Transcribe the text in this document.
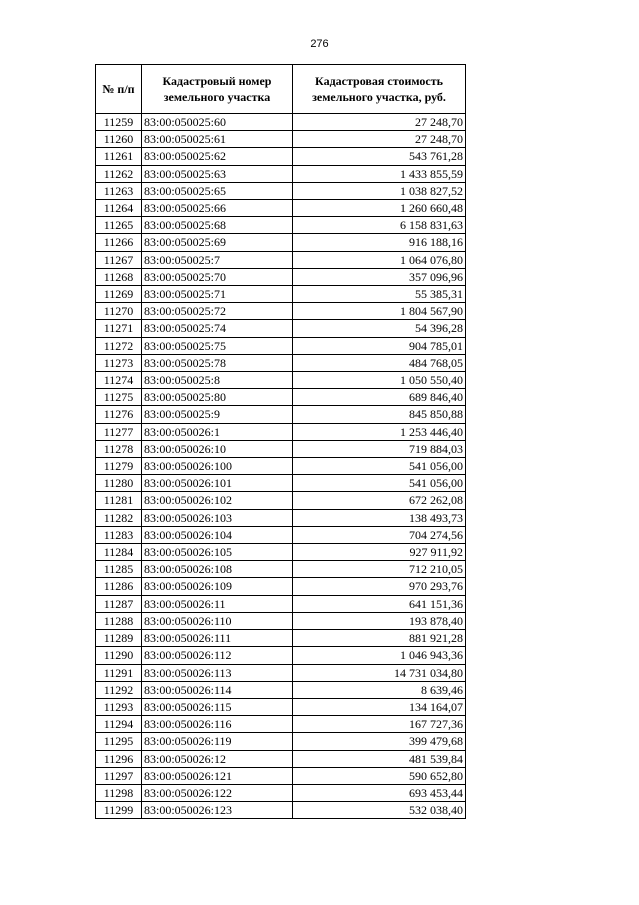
276
№ п/п	Кадастровый номер земельного участка	Кадастровая стоимость земельного участка, руб.
11259	83:00:050025:60	27 248,70
11260	83:00:050025:61	27 248,70
11261	83:00:050025:62	543 761,28
11262	83:00:050025:63	1 433 855,59
11263	83:00:050025:65	1 038 827,52
11264	83:00:050025:66	1 260 660,48
11265	83:00:050025:68	6 158 831,63
11266	83:00:050025:69	916 188,16
11267	83:00:050025:7	1 064 076,80
11268	83:00:050025:70	357 096,96
11269	83:00:050025:71	55 385,31
11270	83:00:050025:72	1 804 567,90
11271	83:00:050025:74	54 396,28
11272	83:00:050025:75	904 785,01
11273	83:00:050025:78	484 768,05
11274	83:00:050025:8	1 050 550,40
11275	83:00:050025:80	689 846,40
11276	83:00:050025:9	845 850,88
11277	83:00:050026:1	1 253 446,40
11278	83:00:050026:10	719 884,03
11279	83:00:050026:100	541 056,00
11280	83:00:050026:101	541 056,00
11281	83:00:050026:102	672 262,08
11282	83:00:050026:103	138 493,73
11283	83:00:050026:104	704 274,56
11284	83:00:050026:105	927 911,92
11285	83:00:050026:108	712 210,05
11286	83:00:050026:109	970 293,76
11287	83:00:050026:11	641 151,36
11288	83:00:050026:110	193 878,40
11289	83:00:050026:111	881 921,28
11290	83:00:050026:112	1 046 943,36
11291	83:00:050026:113	14 731 034,80
11292	83:00:050026:114	8 639,46
11293	83:00:050026:115	134 164,07
11294	83:00:050026:116	167 727,36
11295	83:00:050026:119	399 479,68
11296	83:00:050026:12	481 539,84
11297	83:00:050026:121	590 652,80
11298	83:00:050026:122	693 453,44
11299	83:00:050026:123	532 038,40
